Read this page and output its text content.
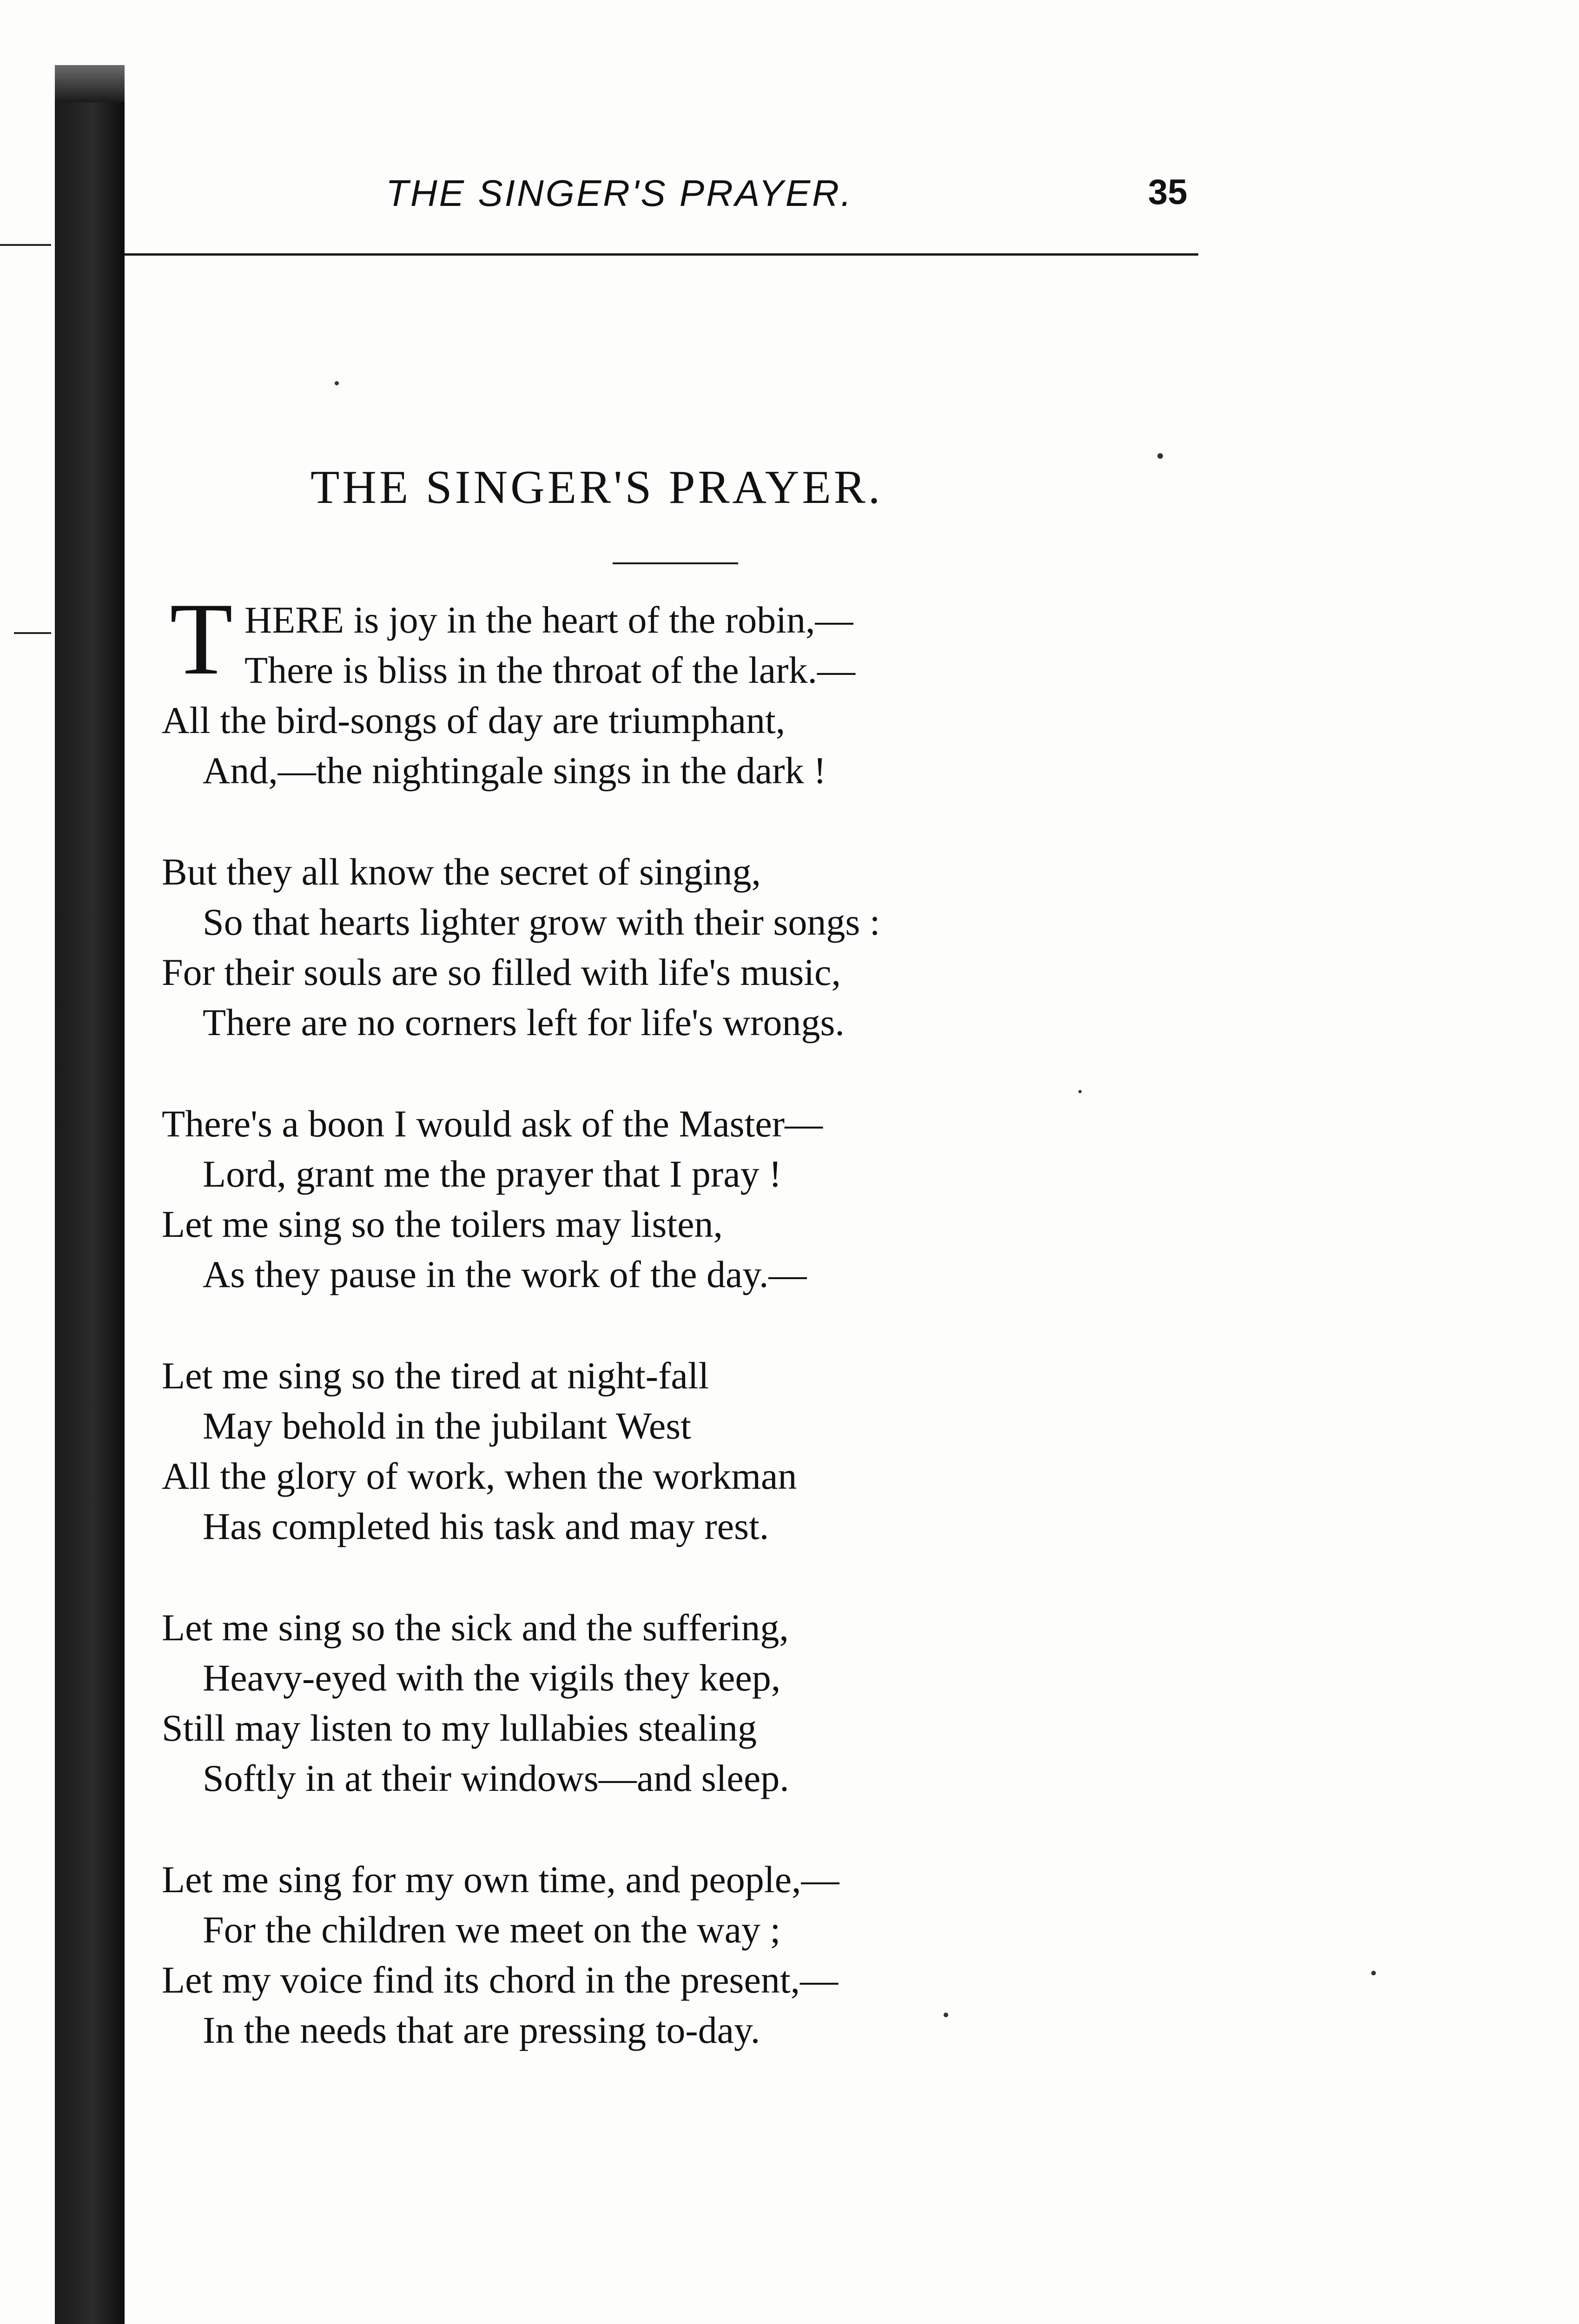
THE SINGER'S PRAYER.	35
THE SINGER'S PRAYER.
T HERE is joy in the heart of the robin,—
There is bliss in the throat of the lark.—
All the bird-songs of day are triumphant,
And,—the nightingale sings in the dark !
But they all know the secret of singing,
So that hearts lighter grow with their songs :
For their souls are so filled with life's music,
There are no corners left for life's wrongs.
There's a boon I would ask of the Master—
Lord, grant me the prayer that I pray !
Let me sing so the toilers may listen,
As they pause in the work of the day.—
Let me sing so the tired at night-fall
May behold in the jubilant West
All the glory of work, when the workman
Has completed his task and may rest.
Let me sing so the sick and the suffering,
Heavy-eyed with the vigils they keep,
Still may listen to my lullabies stealing
Softly in at their windows—and sleep.
Let me sing for my own time, and people,—
For the children we meet on the way ;
Let my voice find its chord in the present,—
In the needs that are pressing to-day.
